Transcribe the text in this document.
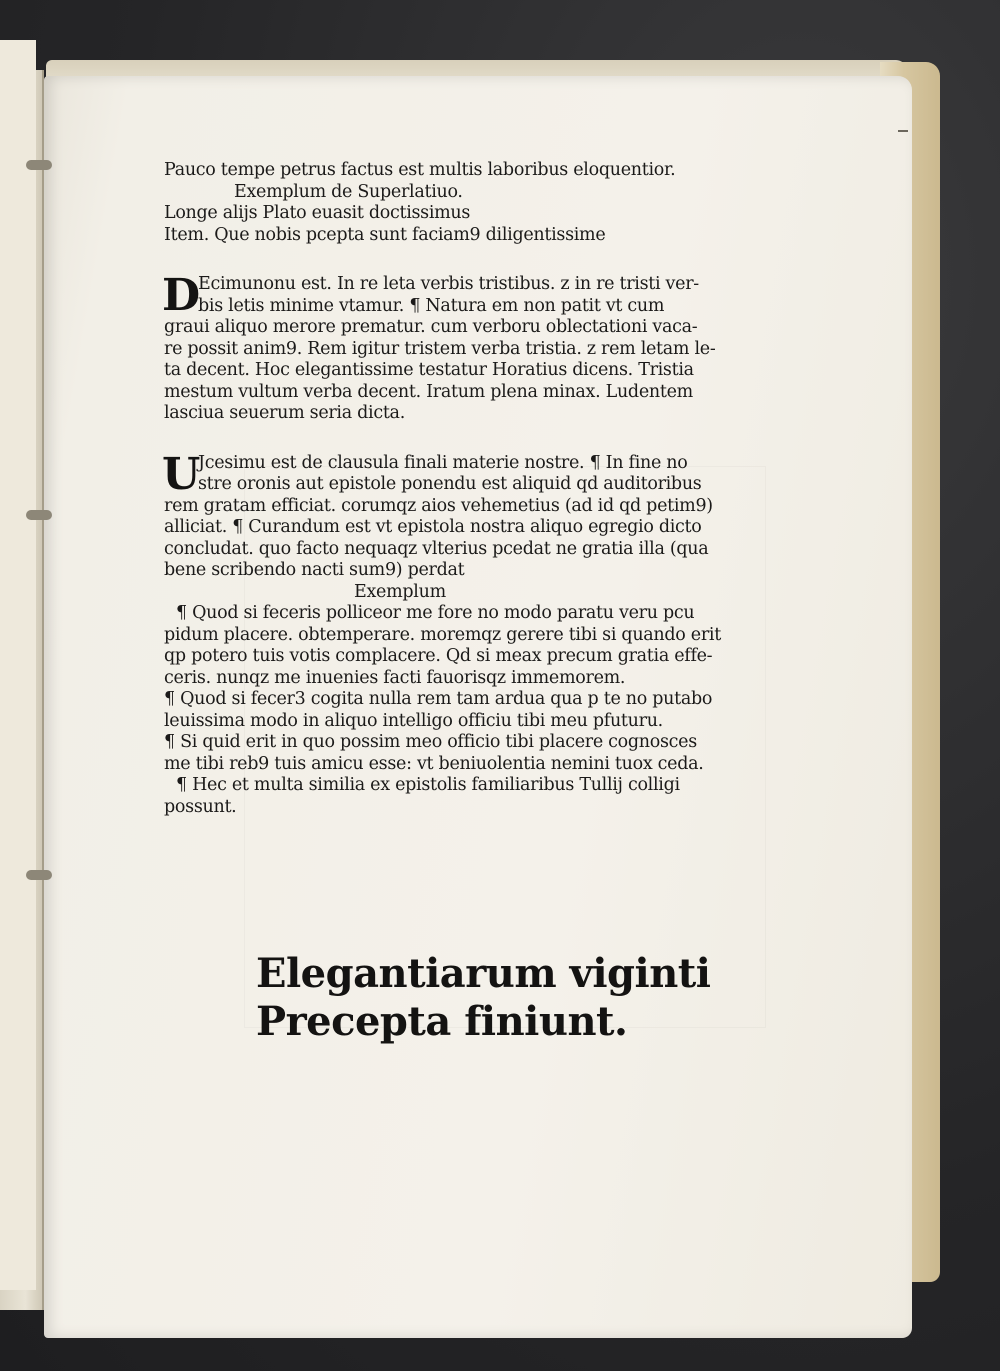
Pauco tempe petrus factus est multis laboribus eloquentior.
Exemplum de Superlatiuo.
Longe alijs Plato euasit doctissimus
Item. Que nobis pcepta sunt faciam9 diligentissime
D
Ecimunonu est. In re leta verbis tristibus. z in re tristi ver-
bis letis minime vtamur. ¶ Natura em non patit vt cum
graui aliquo merore prematur. cum verboru oblectationi vaca-
re possit anim9. Rem igitur tristem verba tristia. z rem letam le-
ta decent. Hoc elegantissime testatur Horatius dicens. Tristia
mestum vultum verba decent. Iratum plena minax. Ludentem
lasciua seuerum seria dicta.
U
Jcesimu est de clausula finali materie nostre. ¶ In fine no
stre oronis aut epistole ponendu est aliquid qd auditoribus
rem gratam efficiat. corumqz aios vehemetius (ad id qd petim9)
alliciat. ¶ Curandum est vt epistola nostra aliquo egregio dicto
concludat. quo facto nequaqz vlterius pcedat ne gratia illa (qua
bene scribendo nacti sum9) perdat
Exemplum
¶ Quod si feceris polliceor me fore no modo paratu veru pcu
pidum placere. obtemperare. moremqz gerere tibi si quando erit
qp potero tuis votis complacere. Qd si meax precum gratia effe-
ceris. nunqz me inuenies facti fauorisqz immemorem.
¶ Quod si fecer3 cogita nulla rem tam ardua qua p te no putabo
leuissima modo in aliquo intelligo officiu tibi meu pfuturu.
¶ Si quid erit in quo possim meo officio tibi placere cognosces
me tibi reb9 tuis amicu esse: vt beniuolentia nemini tuox ceda.
¶ Hec et multa similia ex epistolis familiaribus Tullij colligi
possunt.
Elegantiarum viginti
Precepta finiunt.
